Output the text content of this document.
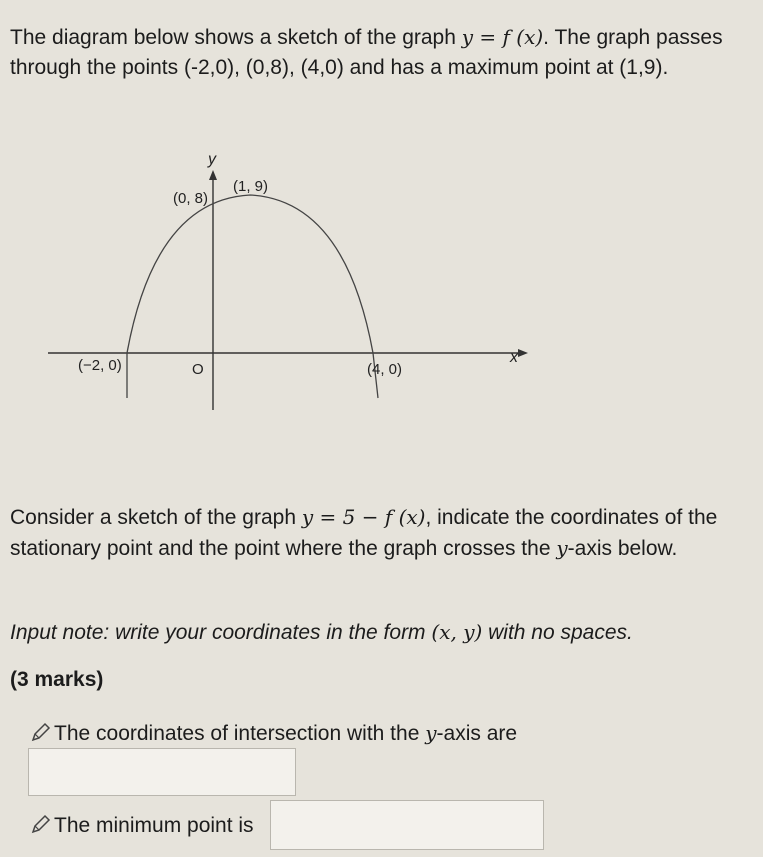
The diagram below shows a sketch of the graph y = f (x). The graph passes through the points (-2,0), (0,8), (4,0) and has a maximum point at (1,9).
y
x
O
(−2, 0)
(0, 8)
(1, 9)
(4, 0)
Consider a sketch of the graph y = 5 − f (x), indicate the coordinates of the stationary point and the point where the graph crosses the y-axis below.
Input note: write your coordinates in the form (x, y) with no spaces.
(3 marks)
The coordinates of intersection with the y-axis are
The minimum point is
